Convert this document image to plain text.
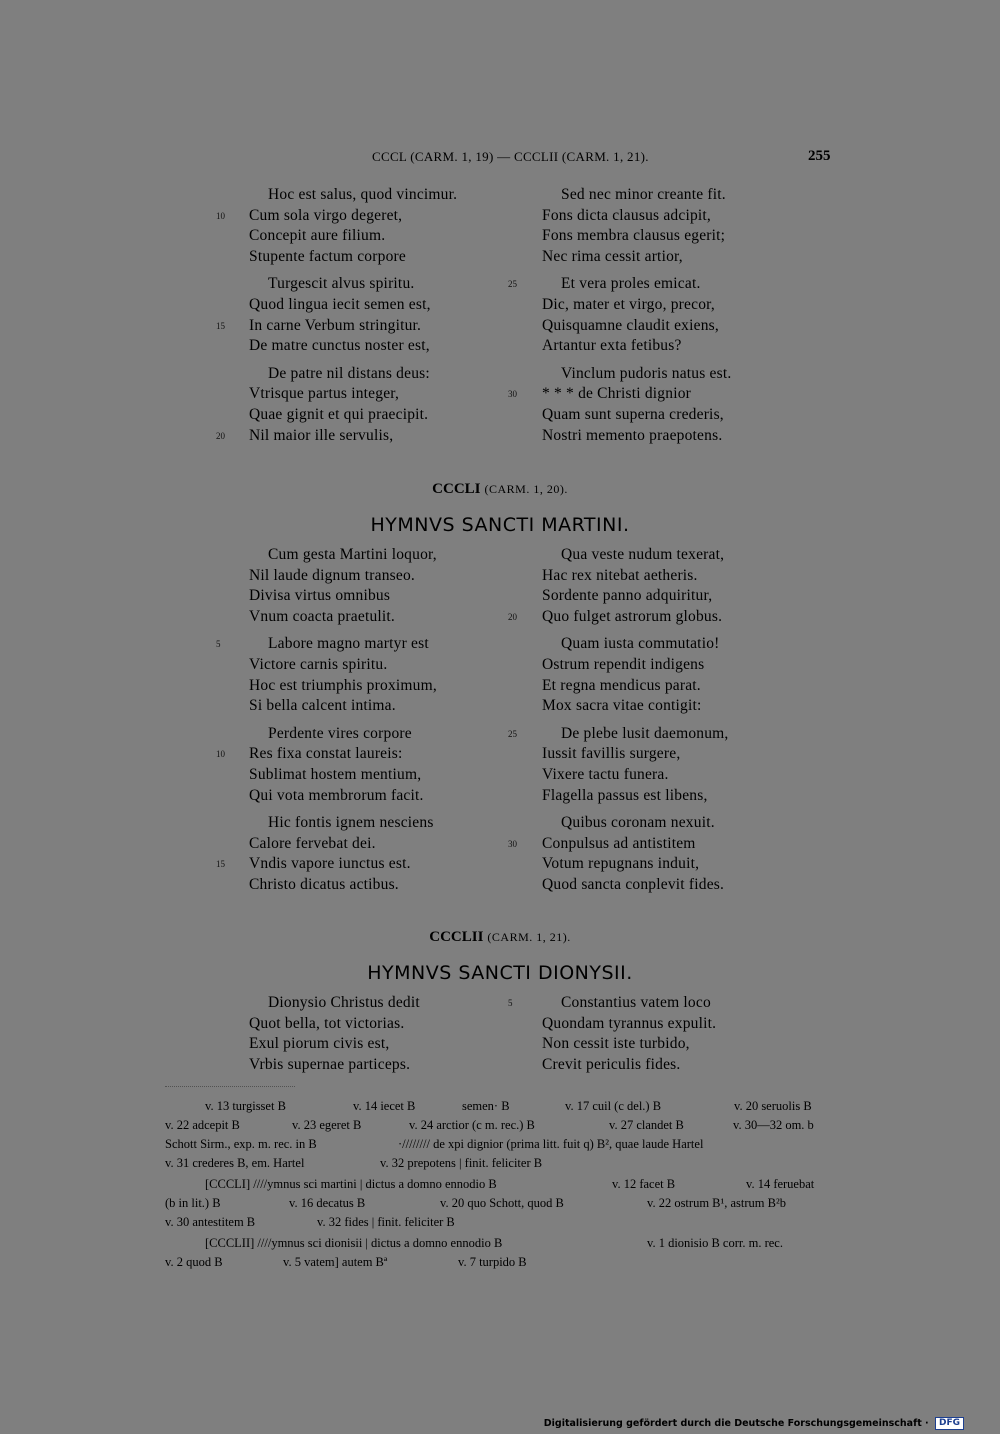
CCCL (CARM. 1, 19) — CCCLII (CARM. 1, 21).	255
Hoc est salus, quod vincimur.
Cum sola virgo degeret,
10
Concepit aure filium.
Stupente factum corpore
Turgescit alvus spiritu.
Quod lingua iecit semen est,
In carne Verbum stringitur.
15
De matre cunctus noster est,
De patre nil distans deus:
Vtrisque partus integer,
Quae gignit et qui praecipit.
Nil maior ille servulis,
20
Sed nec minor creante fit.
Fons dicta clausus adcipit,
Fons membra clausus egerit;
Nec rima cessit artior,
Et vera proles emicat.
25
Dic, mater et virgo, precor,
Quisquamne claudit exiens,
Artantur exta fetibus?
Vinclum pudoris natus est.
* * * de Christi dignior
30
Quam sunt superna crederis,
Nostri memento praepotens.
CCCLI (CARM. 1, 20).
HYMNVS SANCTI MARTINI.
Cum gesta Martini loquor,
Nil laude dignum transeo.
Divisa virtus omnibus
Vnum coacta praetulit.
Labore magno martyr est
5
Victore carnis spiritu.
Hoc est triumphis proximum,
Si bella calcent intima.
Perdente vires corpore
Res fixa constat laureis:
10
Sublimat hostem mentium,
Qui vota membrorum facit.
Hic fontis ignem nesciens
Calore fervebat dei.
Vndis vapore iunctus est.
15
Christo dicatus actibus.
Qua veste nudum texerat,
Hac rex nitebat aetheris.
Sordente panno adquiritur,
Quo fulget astrorum globus.
20
Quam iusta commutatio!
Ostrum rependit indigens
Et regna mendicus parat.
Mox sacra vitae contigit:
De plebe lusit daemonum,
25
Iussit favillis surgere,
Vixere tactu funera.
Flagella passus est libens,
Quibus coronam nexuit.
Conpulsus ad antistitem
30
Votum repugnans induit,
Quod sancta conplevit fides.
CCCLII (CARM. 1, 21).
HYMNVS SANCTI DIONYSII.
Dionysio Christus dedit
Quot bella, tot victorias.
Exul piorum civis est,
Vrbis supernae particeps.
Constantius vatem loco
5
Quondam tyrannus expulit.
Non cessit iste turbido,
Crevit periculis fides.
v. 13 turgisset B	v. 14 iecet B	semen· B	v. 17 cuil (c del.) B	v. 20 seruolis B
v. 22 adcepit B	v. 23 egeret B	v. 24 arctior (c m. rec.) B	v. 27 clandet B	v. 30—32 om. b
Schott Sirm., exp. m. rec. in B	·//////// de xpi dignior (prima litt. fuit q) B², quae laude Hartel
v. 31 crederes B, em. Hartel	v. 32 prepotens | finit. feliciter B
[CCCLI] ////ymnus sci martini | dictus a domno ennodio B	v. 12 facet B	v. 14 feruebat
(b in lit.) B	v. 16 decatus B	v. 20 quo Schott, quod B	v. 22 ostrum B¹, astrum B²b
v. 30 antestitem B	v. 32 fides | finit. feliciter B
[CCCLII] ////ymnus sci dionisii | dictus a domno ennodio B	v. 1 dionisio B corr. m. rec.
v. 2 quod B	v. 5 vatem] autem Bª	v. 7 turpido B
Digitalisierung gefördert durch die Deutsche Forschungsgemeinschaft · DFG
